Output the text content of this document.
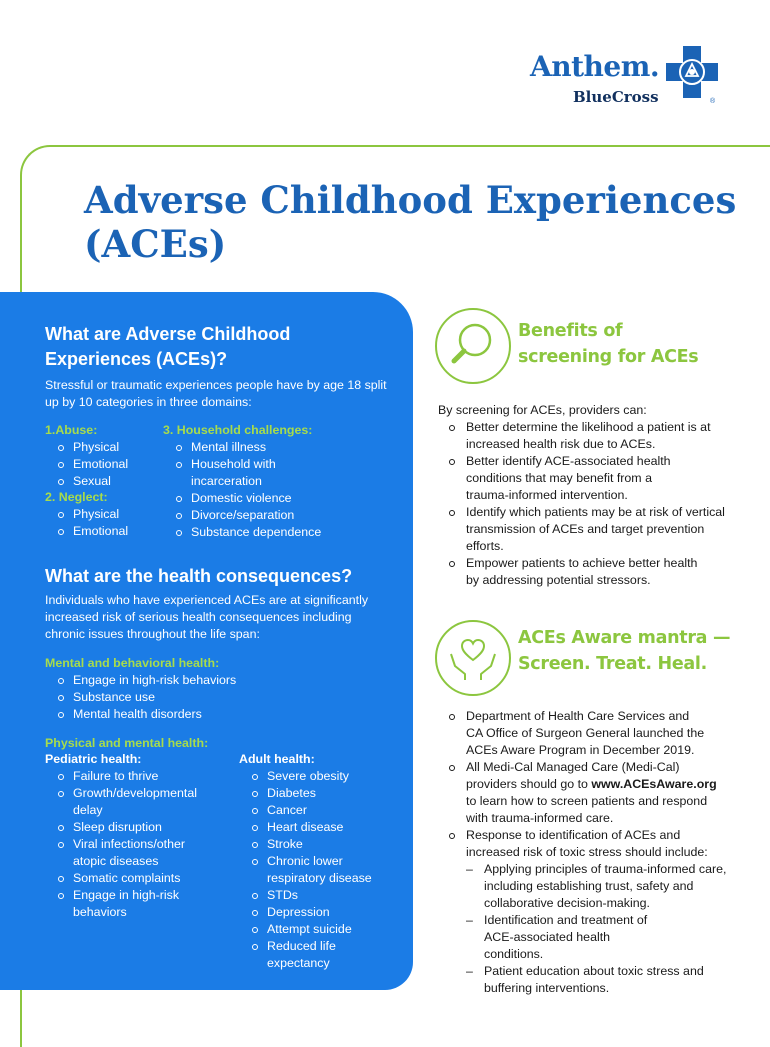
Anthem.
BlueCross	®
Adverse Childhood Experiences (ACEs)
What are Adverse Childhood Experiences (ACEs)?

Stressful or traumatic experiences people have by age 18 split up by 10 categories in three domains:

1.Abuse:
Physical
Emotional
Sexual
2. Neglect:
Physical
Emotional
3. Household challenges:
Mental illness
Household with incarceration
Domestic violence
Divorce/separation
Substance dependence
What are the health consequences?

Individuals who have experienced ACEs are at significantly increased risk of serious health consequences including chronic issues throughout the life span:

Mental and behavioral health:
Engage in high-risk behaviors
Substance use
Mental health disorders
Physical and mental health:
Pediatric health:
Failure to thrive
Growth/developmental delay
Sleep disruption
Viral infections/other atopic diseases
Somatic complaints
Engage in high-risk behaviors
Adult health:
Severe obesity
Diabetes
Cancer
Heart disease
Stroke
Chronic lower respiratory disease
STDs
Depression
Attempt suicide
Reduced life expectancy
Benefits of screening for ACEs
By screening for ACEs, providers can:
Better determine the likelihood a patient is at increased health risk due to ACEs.
Better identify ACE-associated health conditions that may benefit from a trauma-informed intervention.
Identify which patients may be at risk of vertical transmission of ACEs and target prevention efforts.
Empower patients to achieve better health by addressing potential stressors.
ACEs Aware mantra —
Screen. Treat. Heal.
Department of Health Care Services and CA Office of Surgeon General launched the ACEs Aware Program in December 2019.
All Medi-Cal Managed Care (Medi-Cal) providers should go to www.ACEsAware.org to learn how to screen patients and respond with trauma-informed care.
Response to identification of ACEs and increased risk of toxic stress should include:
– Applying principles of trauma-informed care, including establishing trust, safety and collaborative decision-making.
– Identification and treatment of ACE-associated health conditions.
– Patient education about toxic stress and buffering interventions.
